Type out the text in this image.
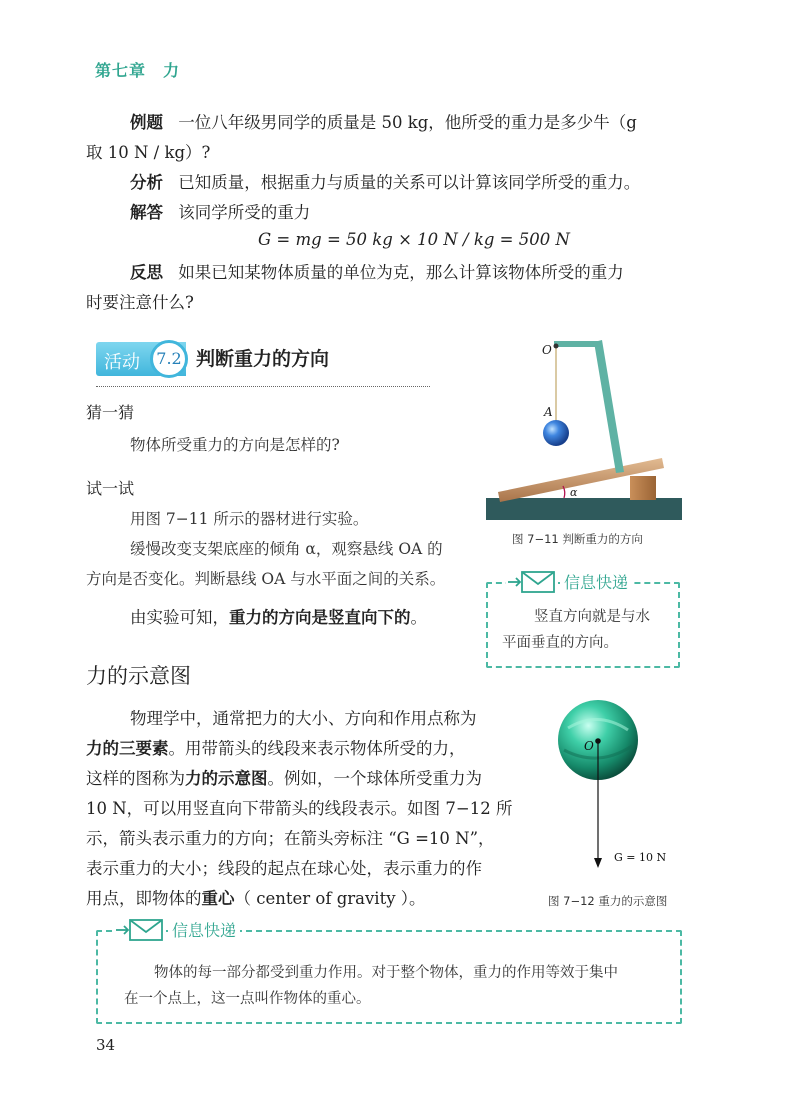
第七章　力
例题 一位八年级男同学的质量是 50 kg，他所受的重力是多少牛（g
取 10 N / kg）?
分析 已知质量，根据重力与质量的关系可以计算该同学所受的重力。
解答 该同学所受的重力
G = mg = 50 kg × 10 N / kg = 500 N
反思 如果已知某物体质量的单位为克，那么计算该物体所受的重力
时要注意什么?
活动	7.2 判断重力的方向
猜一猜
物体所受重力的方向是怎样的?
试一试
用图 7−11 所示的器材进行实验。
缓慢改变支架底座的倾角 α，观察悬线 OA 的
方向是否变化。判断悬线 OA 与水平面之间的关系。
由实验可知，重力的方向是竖直向下的。
O
A
α
图 7−11 判断重力的方向
信息快递
竖直方向就是与水
平面垂直的方向。
力的示意图
物理学中，通常把力的大小、方向和作用点称为
力的三要素。用带箭头的线段来表示物体所受的力，
这样的图称为力的示意图。例如，一个球体所受重力为
10 N，可以用竖直向下带箭头的线段表示。如图 7−12 所
示，箭头表示重力的方向；在箭头旁标注 “G =10 N”，
表示重力的大小；线段的起点在球心处，表示重力的作
用点，即物体的重心（ center of gravity ）。
O
G = 10 N
图 7−12 重力的示意图
信息快递
物体的每一部分都受到重力作用。对于整个物体，重力的作用等效于集中
在一个点上，这一点叫作物体的重心。
34
